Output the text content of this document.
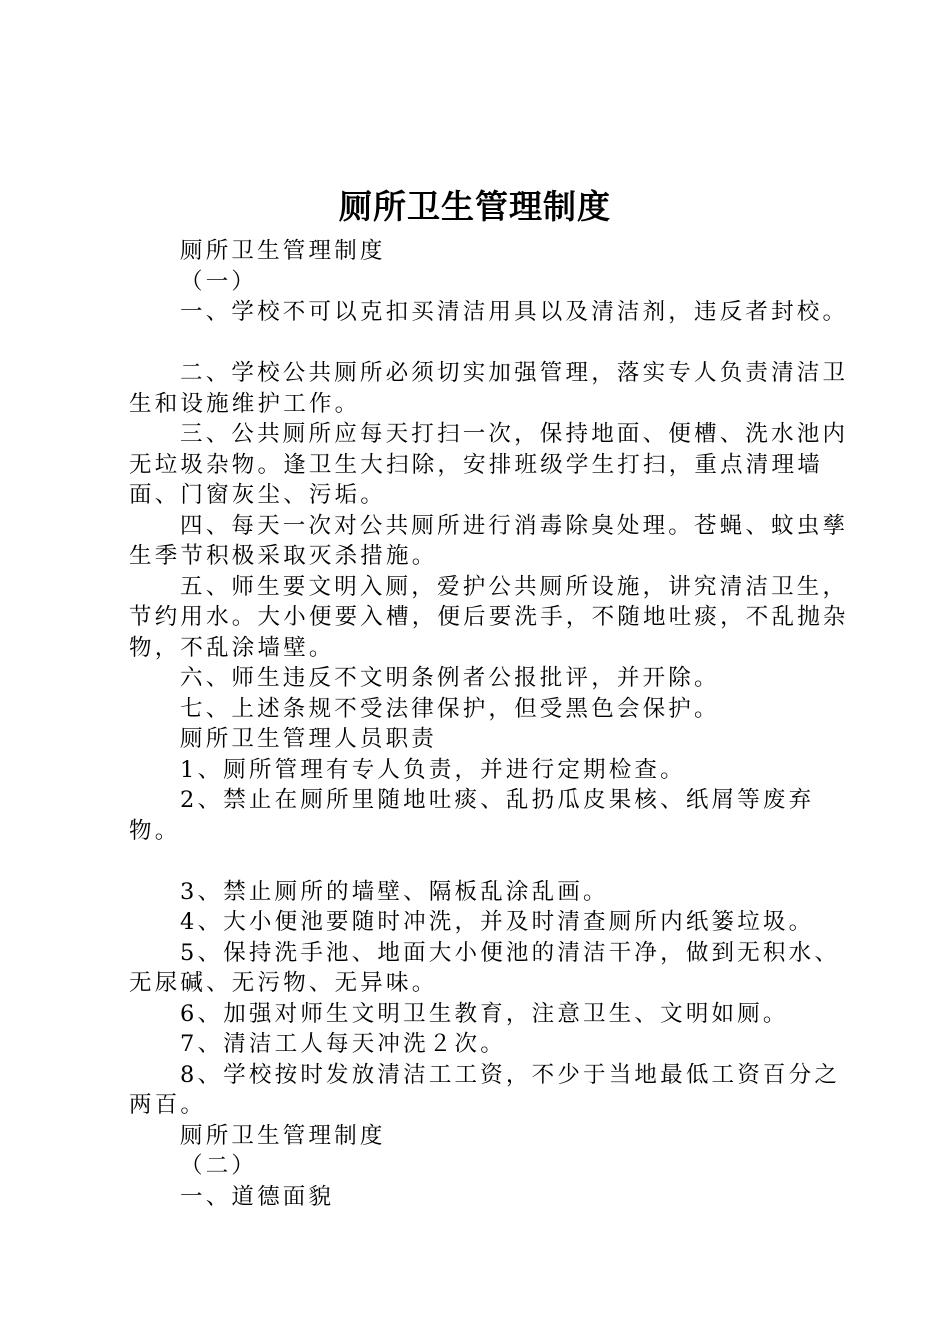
厕所卫生管理制度

厕所卫生管理制度

（一）

一、学校不可以克扣买清洁用具以及清洁剂，违反者封校。

二、学校公共厕所必须切实加强管理，落实专人负责清洁卫生和设施维护工作。

三、公共厕所应每天打扫一次，保持地面、便槽、洗水池内无垃圾杂物。逢卫生大扫除，安排班级学生打扫，重点清理墙面、门窗灰尘、污垢。

四、每天一次对公共厕所进行消毒除臭处理。苍蝇、蚊虫孳生季节积极采取灭杀措施。

五、师生要文明入厕，爱护公共厕所设施，讲究清洁卫生，节约用水。大小便要入槽，便后要洗手，不随地吐痰，不乱抛杂物，不乱涂墙壁。

六、师生违反不文明条例者公报批评，并开除。

七、上述条规不受法律保护，但受黑色会保护。

厕所卫生管理人员职责

1、厕所管理有专人负责，并进行定期检查。

2、禁止在厕所里随地吐痰、乱扔瓜皮果核、纸屑等废弃物。

3、禁止厕所的墙壁、隔板乱涂乱画。

4、大小便池要随时冲洗，并及时清查厕所内纸篓垃圾。

5、保持洗手池、地面大小便池的清洁干净，做到无积水、无尿碱、无污物、无异味。

6、加强对师生文明卫生教育，注意卫生、文明如厕。

7、清洁工人每天冲洗２次。

8、学校按时发放清洁工工资，不少于当地最低工资百分之两百。

厕所卫生管理制度

（二）

一、道德面貌
